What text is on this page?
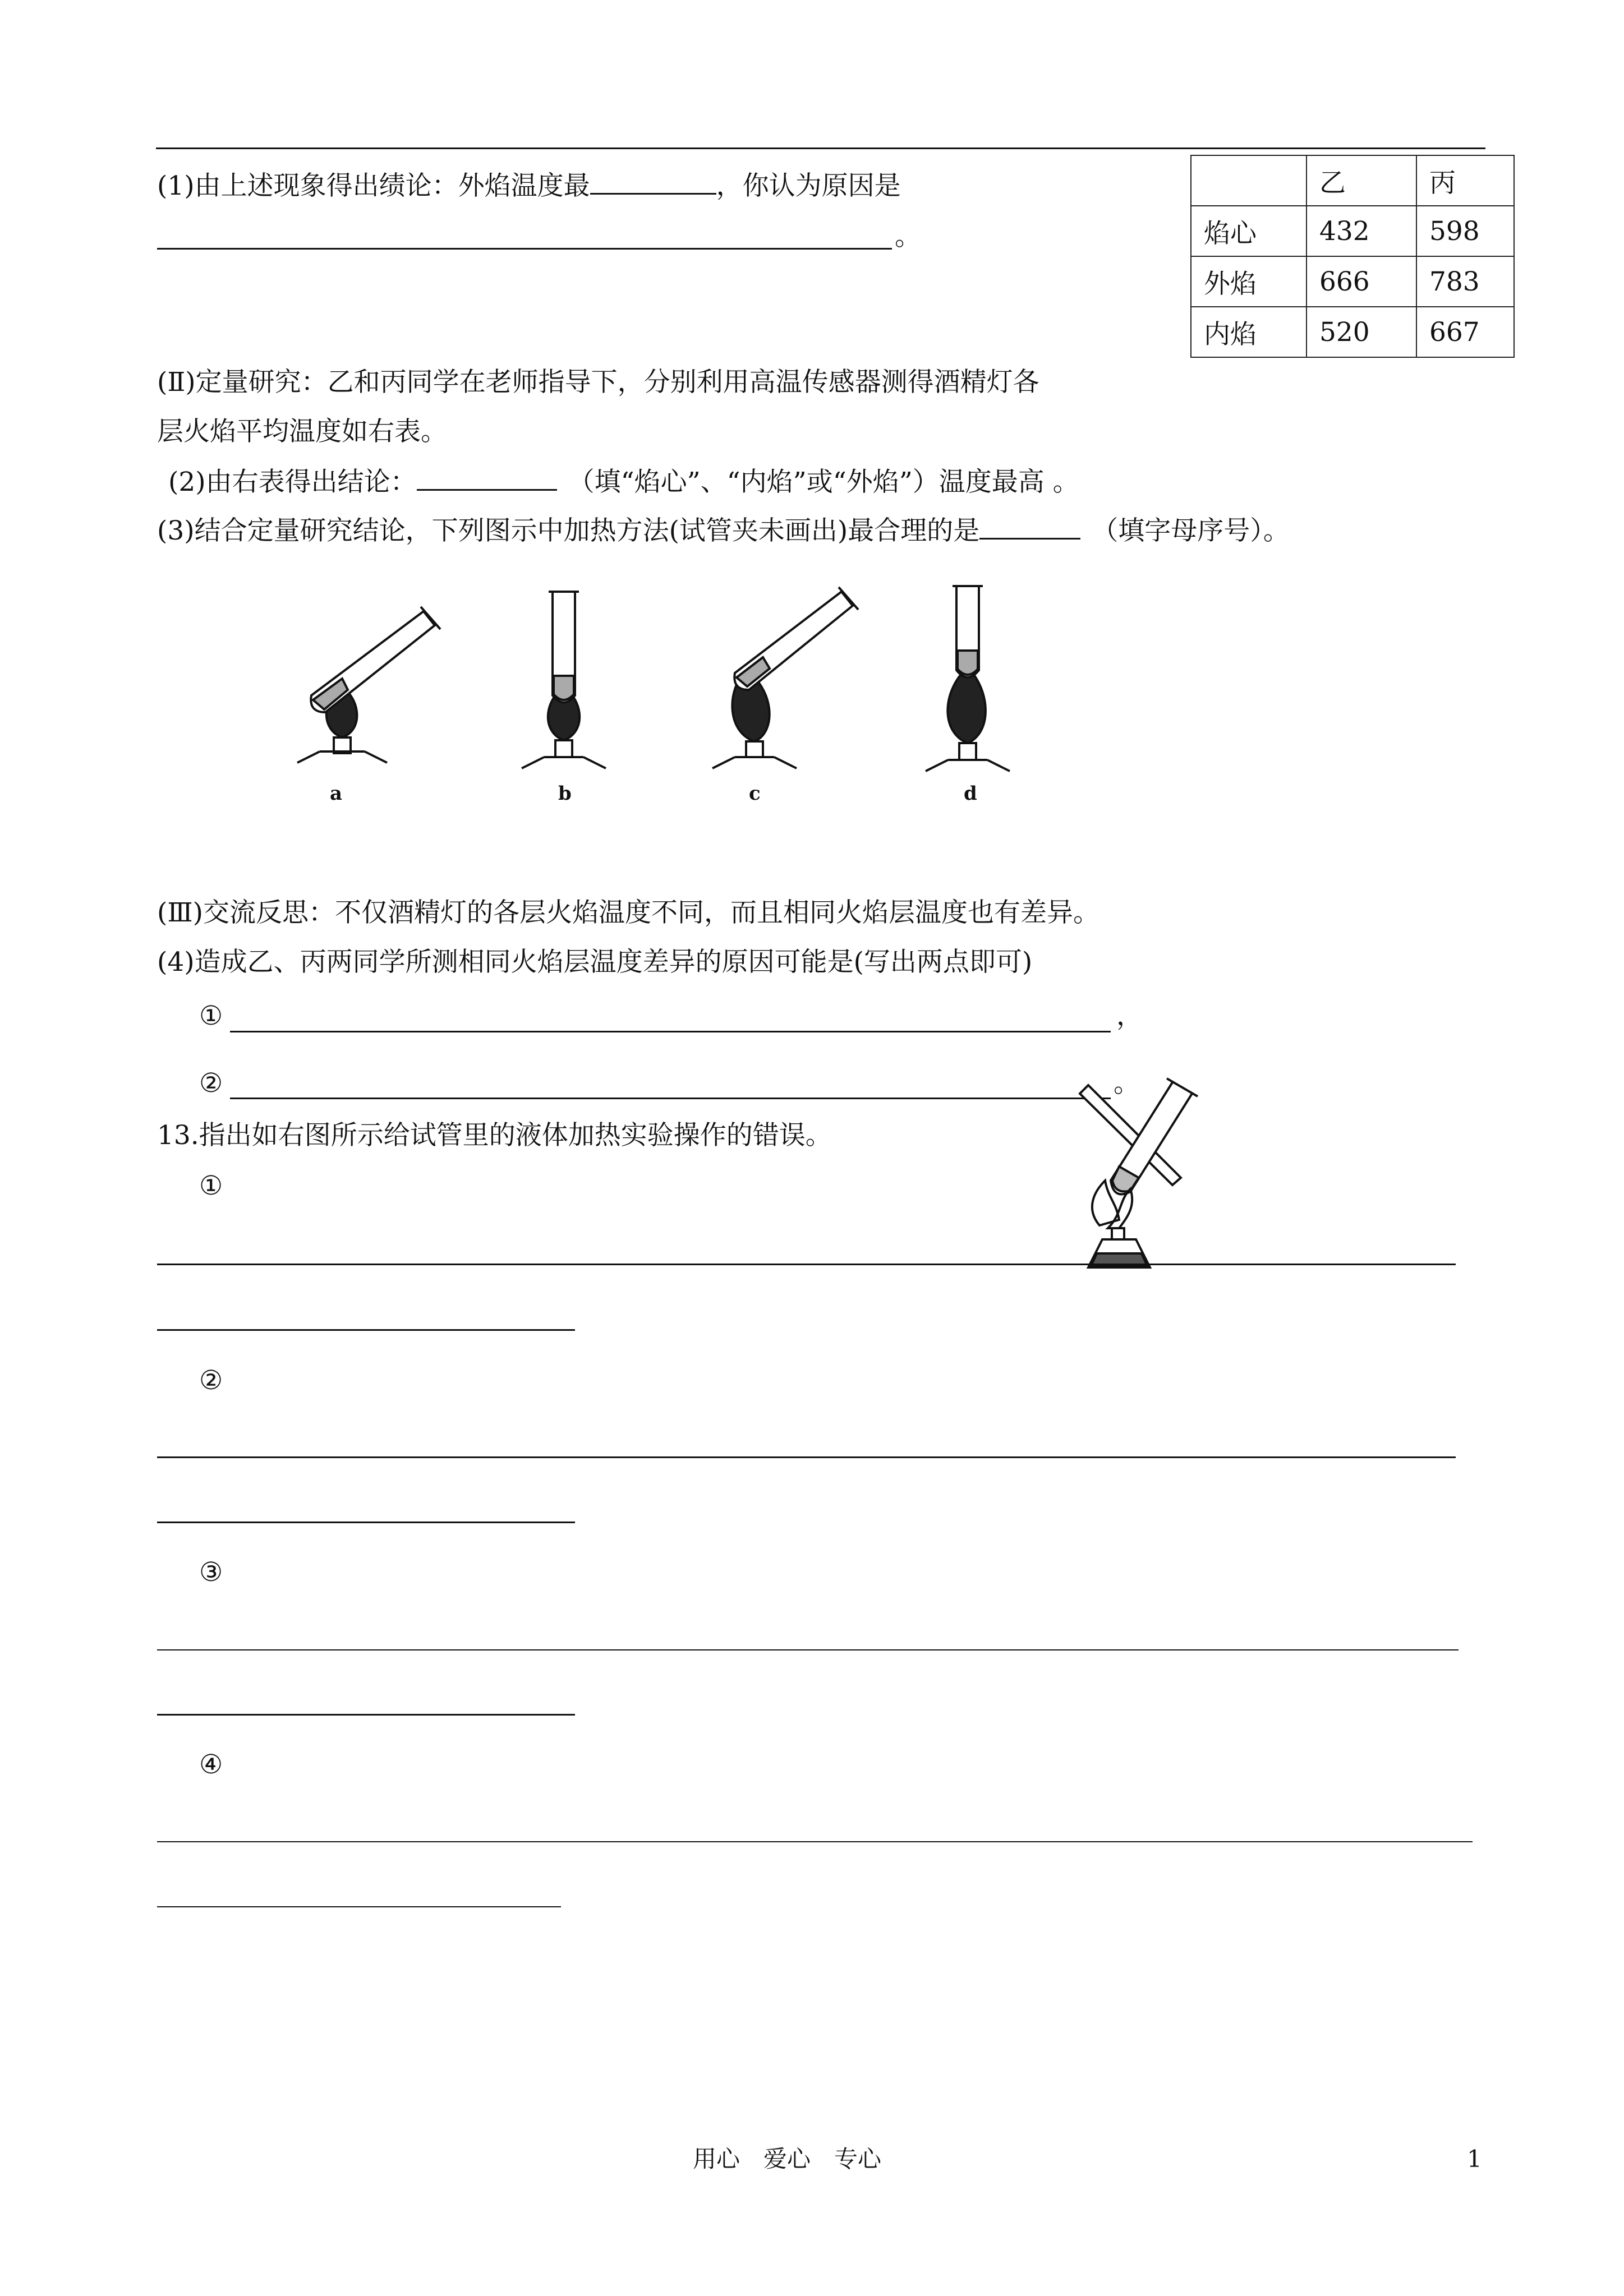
(1)由上述现象得出绩论：外焰温度最	，你认为原因是
。
	乙	丙
焰心	432	598
外焰	666	783
内焰	520	667
(Ⅱ)定量研究：乙和丙同学在老师指导下，分别利用高温传感器测得酒精灯各
层火焰平均温度如右表。
(2)由右表得出结论：	（填“焰心”、“内焰”或“外焰”）温度最高 。
(3)结合定量研究结论，下列图示中加热方法(试管夹未画出)最合理的是	（填字母序号）。
a	b	c	d
(Ⅲ)交流反思：不仅酒精灯的各层火焰温度不同，而且相同火焰层温度也有差异。
(4)造成乙、丙两同学所测相同火焰层温度差异的原因可能是(写出两点即可)
①	，
②	。
13.指出如右图所示给试管里的液体加热实验操作的错误。
①
②
③
④
用心　爱心　专心	1
